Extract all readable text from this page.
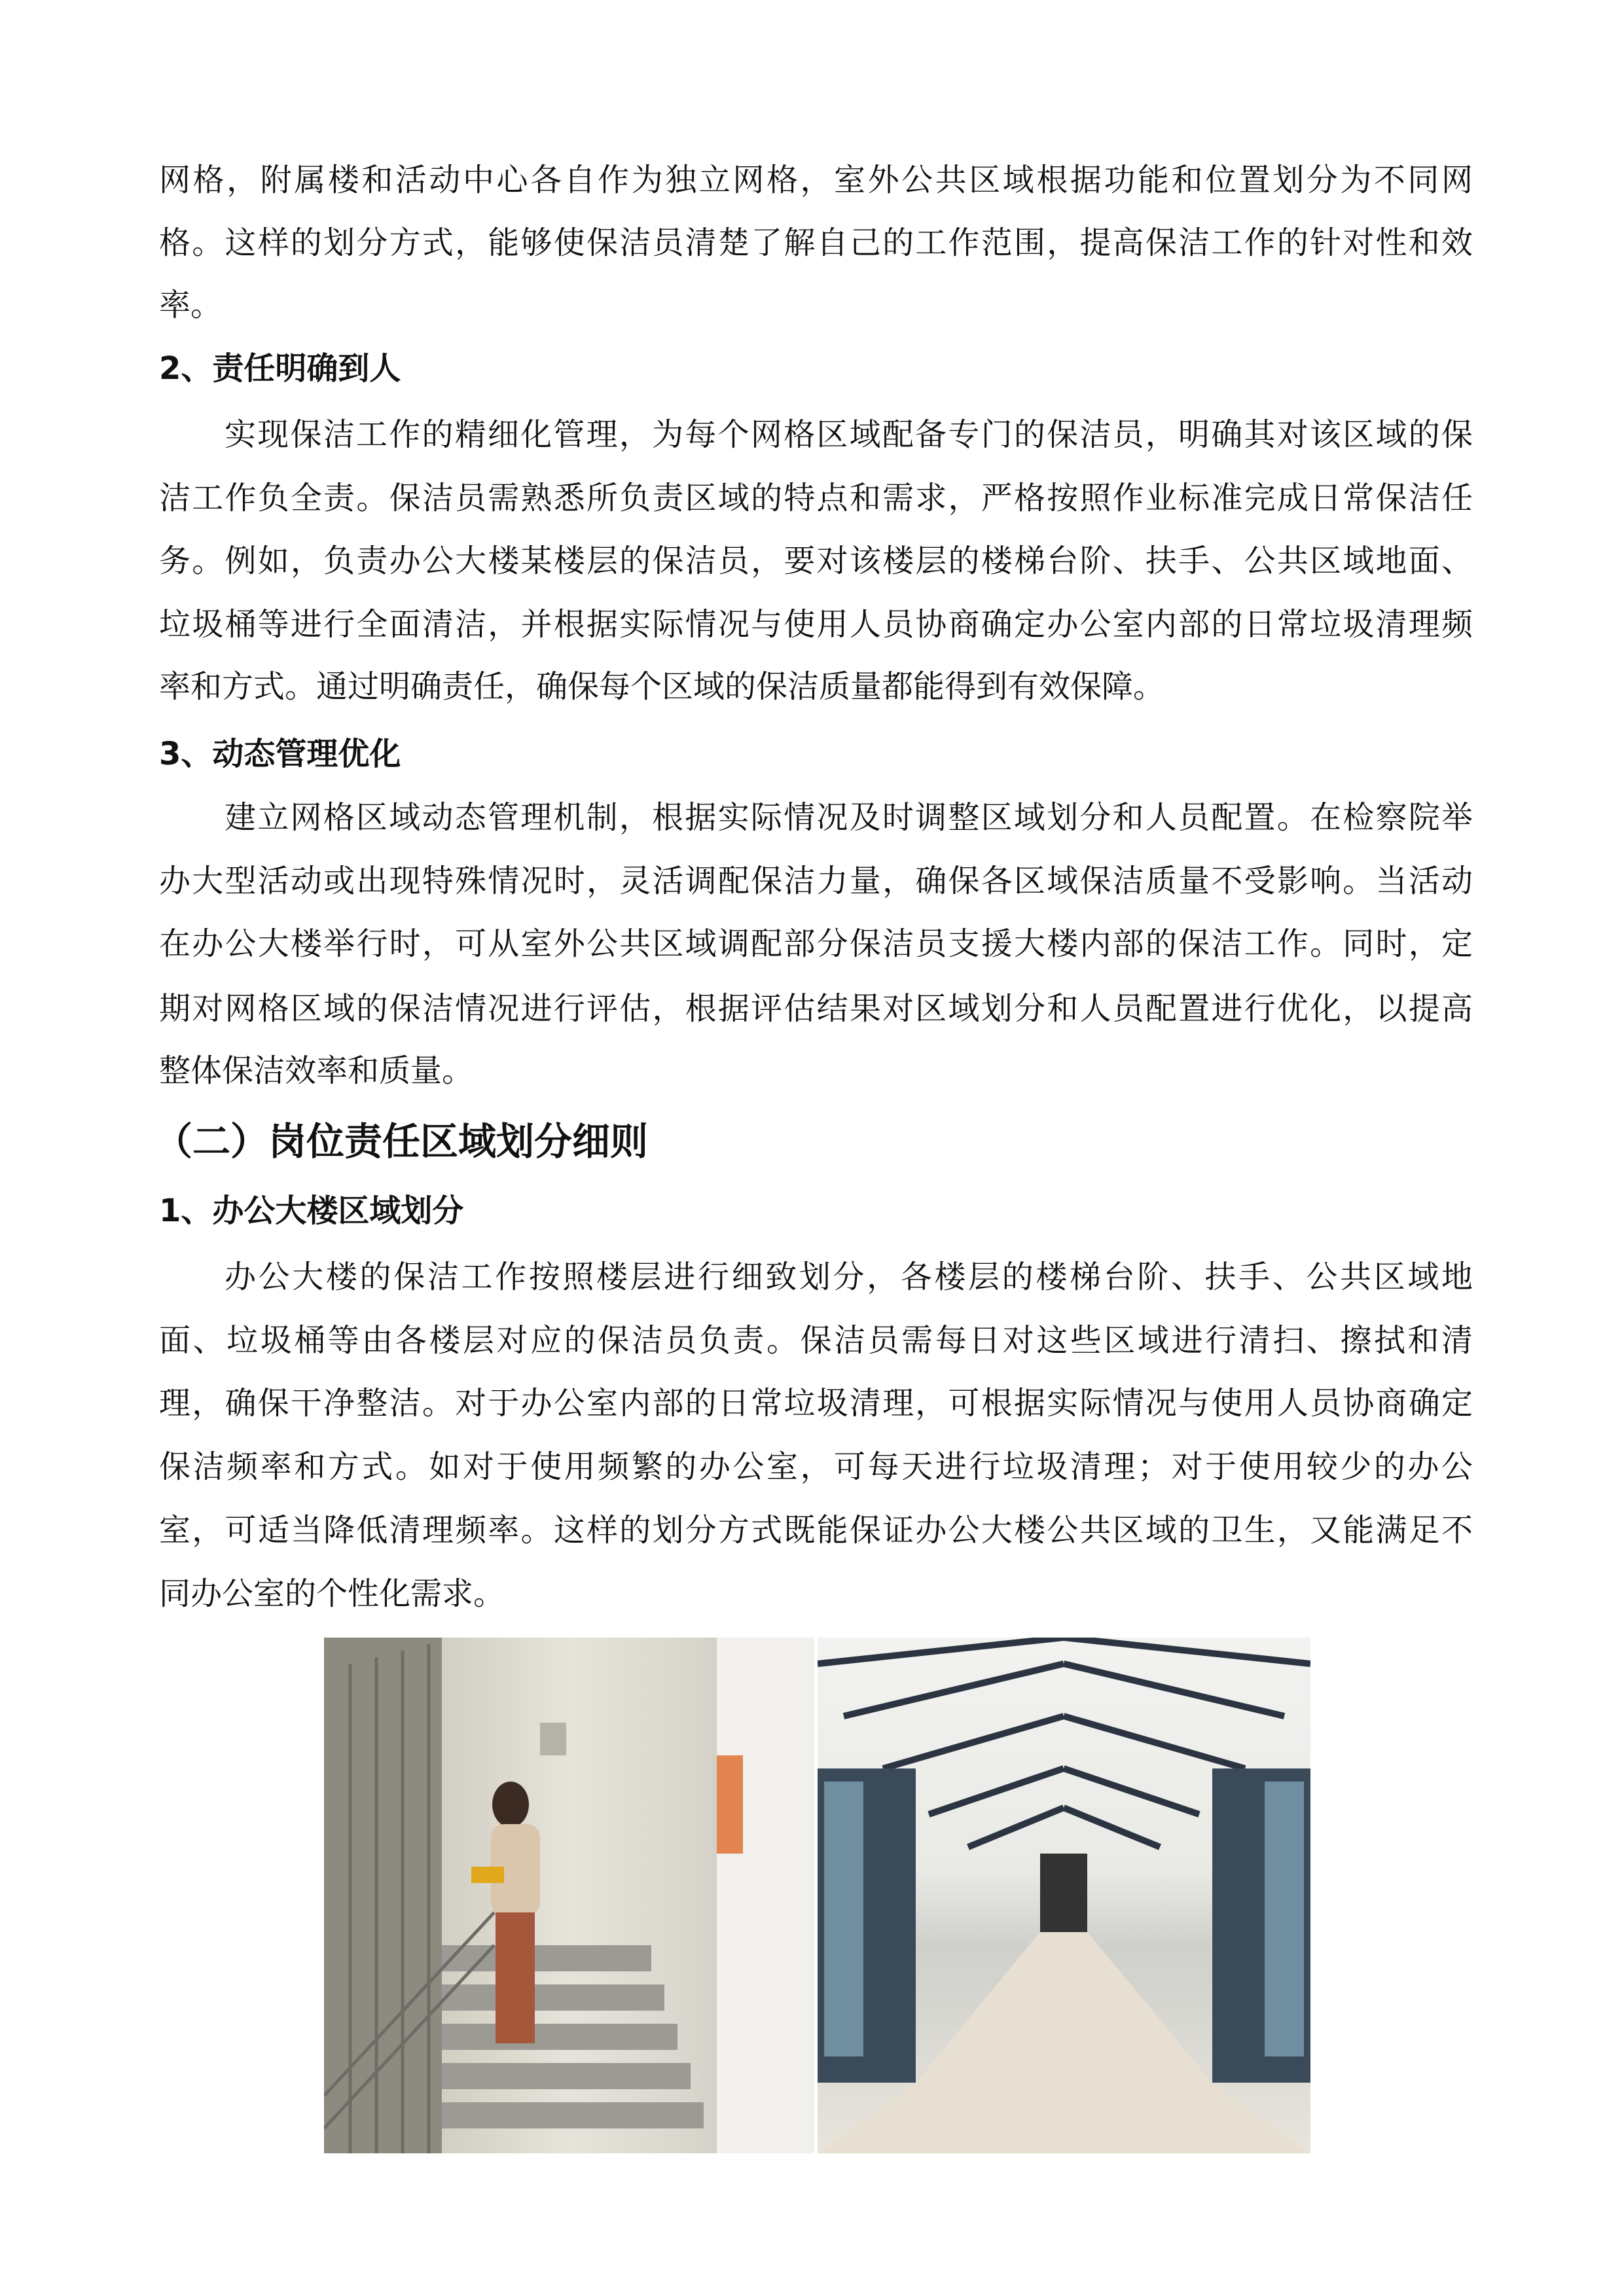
网格，附属楼和活动中心各自作为独立网格，室外公共区域根据功能和位置划分为不同网
格。这样的划分方式，能够使保洁员清楚了解自己的工作范围，提高保洁工作的针对性和效
率。
2、责任明确到人
实现保洁工作的精细化管理，为每个网格区域配备专门的保洁员，明确其对该区域的保
洁工作负全责。保洁员需熟悉所负责区域的特点和需求，严格按照作业标准完成日常保洁任
务。例如，负责办公大楼某楼层的保洁员，要对该楼层的楼梯台阶、扶手、公共区域地面、
垃圾桶等进行全面清洁，并根据实际情况与使用人员协商确定办公室内部的日常垃圾清理频
率和方式。通过明确责任，确保每个区域的保洁质量都能得到有效保障。
3、动态管理优化
建立网格区域动态管理机制，根据实际情况及时调整区域划分和人员配置。在检察院举
办大型活动或出现特殊情况时，灵活调配保洁力量，确保各区域保洁质量不受影响。当活动
在办公大楼举行时，可从室外公共区域调配部分保洁员支援大楼内部的保洁工作。同时，定
期对网格区域的保洁情况进行评估，根据评估结果对区域划分和人员配置进行优化，以提高
整体保洁效率和质量。
（二）岗位责任区域划分细则
1、办公大楼区域划分
办公大楼的保洁工作按照楼层进行细致划分，各楼层的楼梯台阶、扶手、公共区域地
面、垃圾桶等由各楼层对应的保洁员负责。保洁员需每日对这些区域进行清扫、擦拭和清
理，确保干净整洁。对于办公室内部的日常垃圾清理，可根据实际情况与使用人员协商确定
保洁频率和方式。如对于使用频繁的办公室，可每天进行垃圾清理；对于使用较少的办公
室，可适当降低清理频率。这样的划分方式既能保证办公大楼公共区域的卫生，又能满足不
同办公室的个性化需求。
